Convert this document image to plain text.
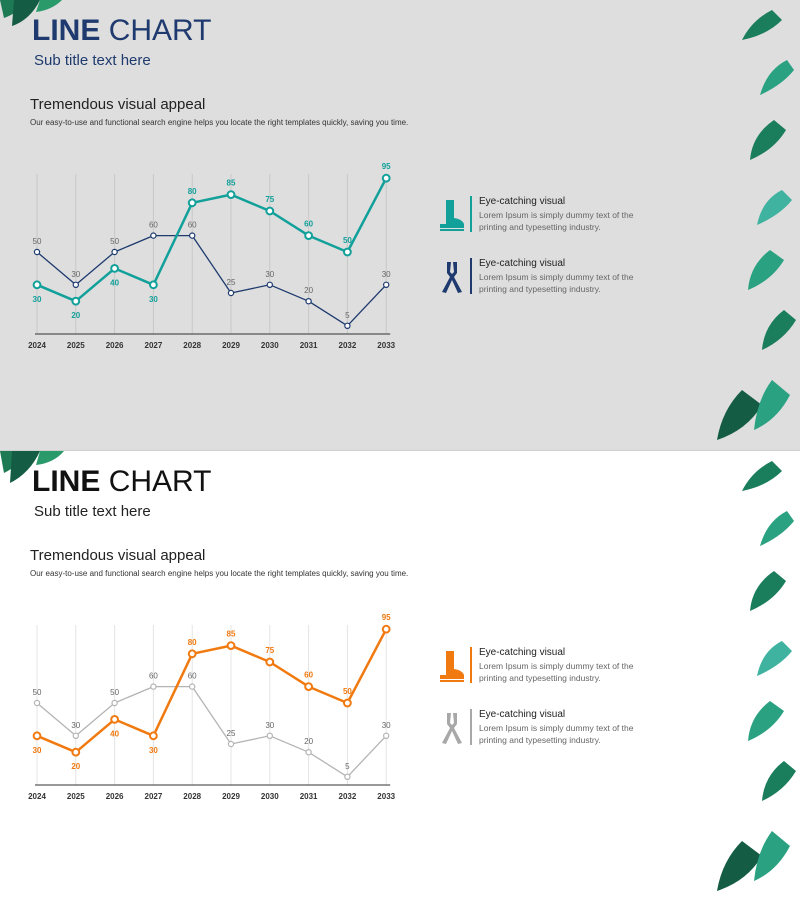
LINE CHART
Sub title text here
Tremendous visual appeal
Our easy-to-use and functional search engine helps you locate the right templates quickly, saving you time.
2024	2025	2026	2027	2028	2029	2030	2031	2032	2033
30
20
40
30
80
85
75
60
50
95
50
30
50
60	60
25
30
20
5
30
Eye-catching visual
Lorem Ipsum is simply dummy text of the printing and typesetting industry.
Eye-catching visual
Lorem Ipsum is simply dummy text of the printing and typesetting industry.
LINE CHART
Sub title text here
Tremendous visual appeal
Our easy-to-use and functional search engine helps you locate the right templates quickly, saving you time.
2024	2025	2026	2027	2028	2029	2030	2031	2032	2033
30
20
40
30
80
85
75
60
50
95
50
30
50
60	60
25
30
20
5
30
Eye-catching visual
Lorem Ipsum is simply dummy text of the printing and typesetting industry.
Eye-catching visual
Lorem Ipsum is simply dummy text of the printing and typesetting industry.
